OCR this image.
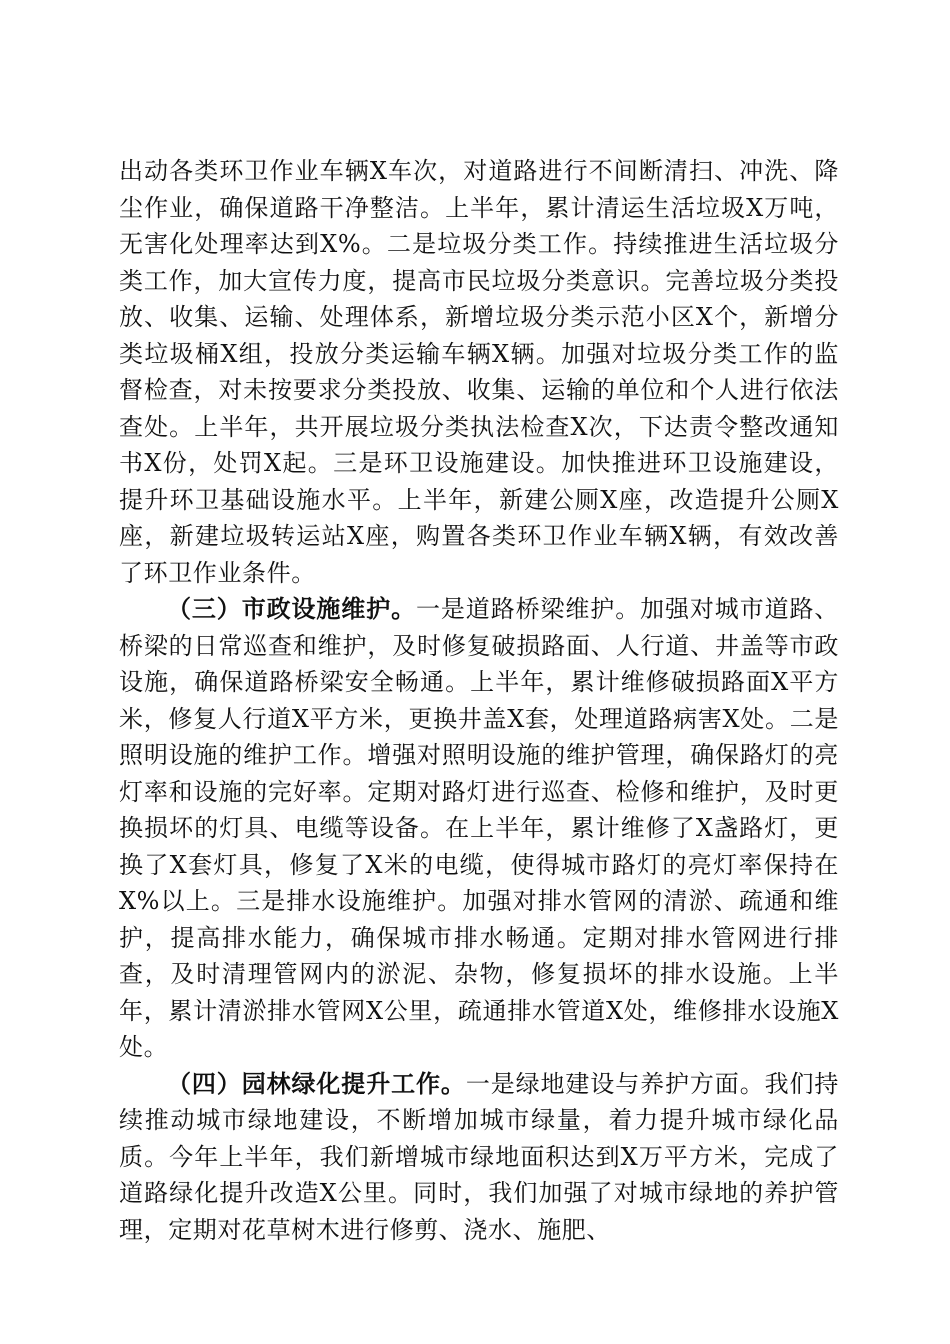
出动各类环卫作业车辆X车次，对道路进行不间断清扫、冲洗、降尘作业，确保道路干净整洁。上半年，累计清运生活垃圾X万吨，无害化处理率达到X%。二是垃圾分类工作。持续推进生活垃圾分类工作，加大宣传力度，提高市民垃圾分类意识。完善垃圾分类投放、收集、运输、处理体系，新增垃圾分类示范小区X个，新增分类垃圾桶X组，投放分类运输车辆X辆。加强对垃圾分类工作的监督检查，对未按要求分类投放、收集、运输的单位和个人进行依法查处。上半年，共开展垃圾分类执法检查X次，下达责令整改通知书X份，处罚X起。三是环卫设施建设。加快推进环卫设施建设，提升环卫基础设施水平。上半年，新建公厕X座，改造提升公厕X座，新建垃圾转运站X座，购置各类环卫作业车辆X辆，有效改善了环卫作业条件。

（三）市政设施维护。一是道路桥梁维护。加强对城市道路、桥梁的日常巡查和维护，及时修复破损路面、人行道、井盖等市政设施，确保道路桥梁安全畅通。上半年，累计维修破损路面X平方米，修复人行道X平方米，更换井盖X套，处理道路病害X处。二是照明设施的维护工作。增强对照明设施的维护管理，确保路灯的亮灯率和设施的完好率。定期对路灯进行巡查、检修和维护，及时更换损坏的灯具、电缆等设备。在上半年，累计维修了X盏路灯，更换了X套灯具，修复了X米的电缆，使得城市路灯的亮灯率保持在X%以上。三是排水设施维护。加强对排水管网的清淤、疏通和维护，提高排水能力，确保城市排水畅通。定期对排水管网进行排查，及时清理管网内的淤泥、杂物，修复损坏的排水设施。上半年，累计清淤排水管网X公里，疏通排水管道X处，维修排水设施X处。

（四）园林绿化提升工作。一是绿地建设与养护方面。我们持续推动城市绿地建设，不断增加城市绿量，着力提升城市绿化品质。今年上半年，我们新增城市绿地面积达到X万平方米，完成了道路绿化提升改造X公里。同时，我们加强了对城市绿地的养护管理，定期对花草树木进行修剪、浇水、施肥、
